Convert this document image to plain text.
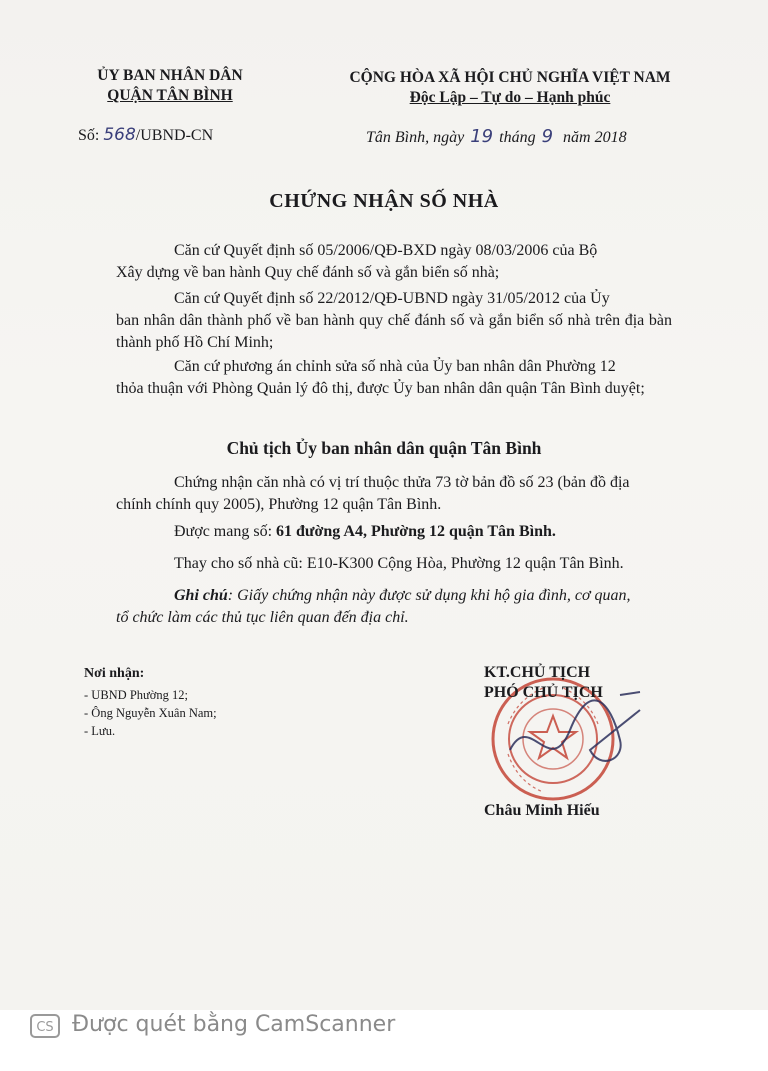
ỦY BAN NHÂN DÂN
QUẬN TÂN BÌNH
CỘNG HÒA XÃ HỘI CHỦ NGHĨA VIỆT NAM
Độc Lập – Tự do – Hạnh phúc
Số: 568/UBND-CN	Tân Bình, ngày 19 tháng 9 năm 2018
CHỨNG NHẬN SỐ NHÀ
Căn cứ Quyết định số 05/2006/QĐ-BXD ngày 08/03/2006 của Bộ
Xây dựng về ban hành Quy chế đánh số và gắn biển số nhà;
Căn cứ Quyết định số 22/2012/QĐ-UBND ngày 31/05/2012 của Ủy
ban nhân dân thành phố về ban hành quy chế đánh số và gắn biển số nhà trên địa bàn thành phố Hồ Chí Minh;
Căn cứ phương án chỉnh sửa số nhà của Ủy ban nhân dân Phường 12
thỏa thuận với Phòng Quản lý đô thị, được Ủy ban nhân dân quận Tân Bình duyệt;
Chủ tịch Ủy ban nhân dân quận Tân Bình
Chứng nhận căn nhà có vị trí thuộc thửa 73 tờ bản đồ số 23 (bản đồ địa
chính chính quy 2005), Phường 12 quận Tân Bình.
Được mang số: 61 đường A4, Phường 12 quận Tân Bình.
Thay cho số nhà cũ: E10-K300 Cộng Hòa, Phường 12 quận Tân Bình.
Ghi chú: Giấy chứng nhận này được sử dụng khi hộ gia đình, cơ quan,
tổ chức làm các thủ tục liên quan đến địa chỉ.
Nơi nhận:
- UBND Phường 12;
- Ông Nguyễn Xuân Nam;
- Lưu.
KT.CHỦ TỊCH
PHÓ CHỦ TỊCH
Châu Minh Hiếu
CS Được quét bằng CamScanner
